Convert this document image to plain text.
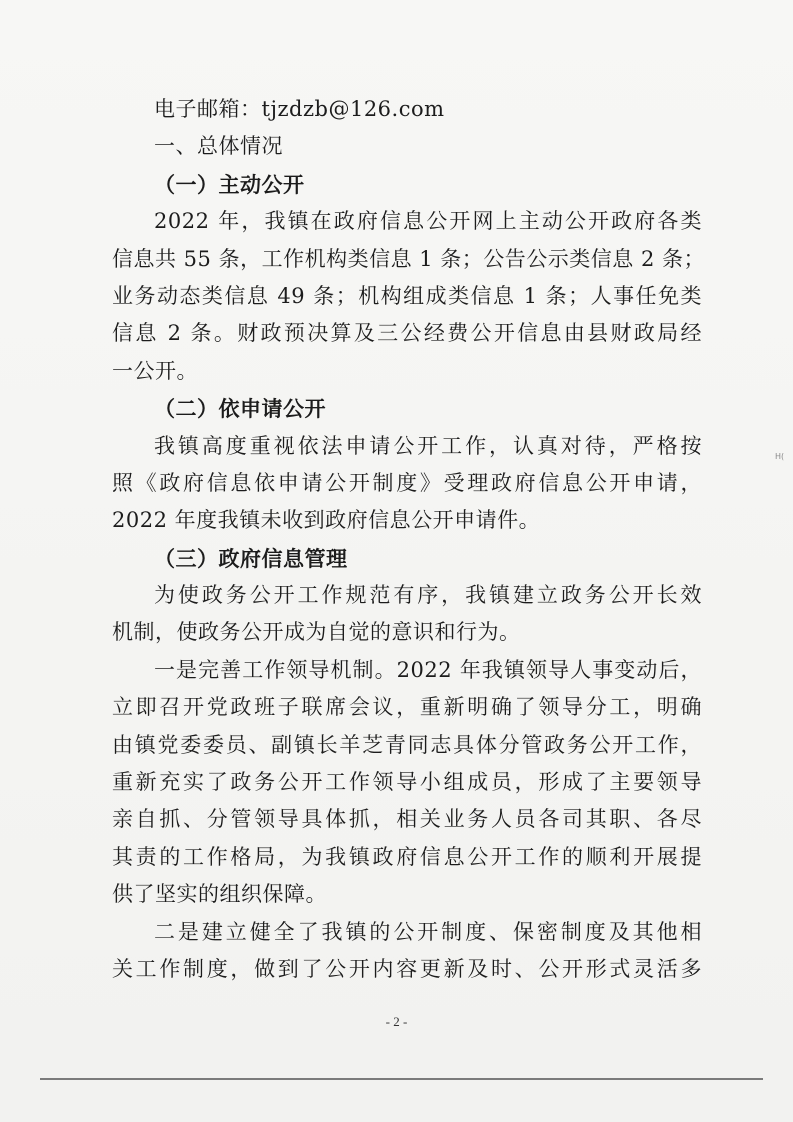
电子邮箱：tjzdzb@126.com

一、总体情况

（一）主动公开

2022 年，我镇在政府信息公开网上主动公开政府各类

信息共 55 条，工作机构类信息 1 条；公告公示类信息 2 条；

业务动态类信息 49 条；机构组成类信息 1 条；人事任免类

信息 2 条。财政预决算及三公经费公开信息由县财政局经

一公开。

（二）依申请公开

我镇高度重视依法申请公开工作，认真对待，严格按

照《政府信息依申请公开制度》受理政府信息公开申请，

2022 年度我镇未收到政府信息公开申请件。

（三）政府信息管理

为使政务公开工作规范有序，我镇建立政务公开长效

机制，使政务公开成为自觉的意识和行为。

一是完善工作领导机制。2022 年我镇领导人事变动后，

立即召开党政班子联席会议，重新明确了领导分工，明确

由镇党委委员、副镇长羊芝青同志具体分管政务公开工作，

重新充实了政务公开工作领导小组成员，形成了主要领导

亲自抓、分管领导具体抓，相关业务人员各司其职、各尽

其责的工作格局，为我镇政府信息公开工作的顺利开展提

供了坚实的组织保障。

二是建立健全了我镇的公开制度、保密制度及其他相

关工作制度，做到了公开内容更新及时、公开形式灵活多

H(
- 2 -
